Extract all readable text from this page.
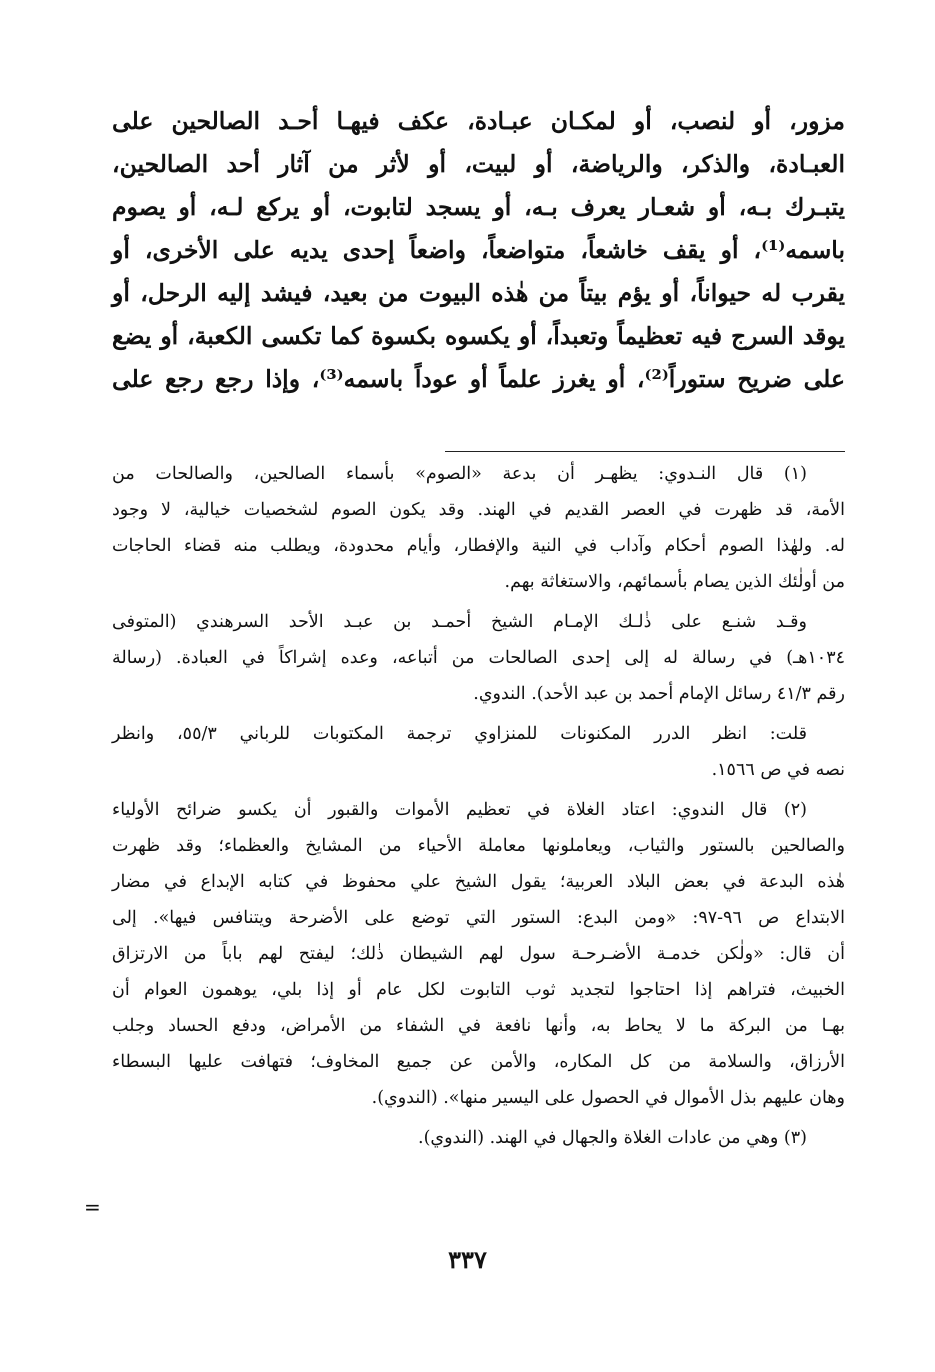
مزور، أو لنصب، أو لمكـان عبـادة، عكف فيهـا أحـد الصالحين على
العبـادة، والذكر، والرياضة، أو لبيت، أو لأثر من آثار أحد الصالحين،
يتبـرك بـه، أو شعـار يعرف بـه، أو يسجد لتابوت، أو يركع لـه، أو يصوم
باسمه⁽¹⁾، أو يقف خاشعاً، متواضعاً، واضعاً إحدى يديه على الأخرى، أو
يقرب له حيواناً، أو يؤم بيتاً من هٰذه البيوت من بعيد، فيشد إليه الرحل، أو
يوقد السرج فيه تعظيماً وتعبداً، أو يكسوه بكسوة كما تكسى الكعبة، أو يضع
على ضريح ستوراً⁽²⁾، أو يغرز علماً أو عوداً باسمه⁽³⁾، وإذا رجع رجع على
(١) قال النـدوي: يظهـر أن بدعة «الصوم» بأسماء الصالحين، والصالحات من
الأمة، قد ظهرت في العصر القديم في الهند. وقد يكون الصوم لشخصيات خيالية، لا وجود
له. ولهٰذا الصوم أحكام وآداب في النية والإفطار، وأيام محدودة، ويطلب منه قضاء الحاجات
من أولٰئك الذين يصام بأسمائهم، والاستغاثة بهم.
وقـد شنـع على ذٰلـك الإمـام الشيخ أحمـد بن عبـد الأحد السرهندي (المتوفى
١٠٣٤هـ) في رسالة له إلى إحدى الصالحات من أتباعه، وعده إشراكاً في العبادة. (رسالة
رقم ٤١/٣ رسائل الإمام أحمد بن عبد الأحد). الندوي.
قلت: انظر الدرر المكنونات للمنزاوي ترجمة المكتوبات للرباني ٥٥/٣، وانظر
نصه في ص ١٥٦٦.
(٢) قال الندوي: اعتاد الغلاة في تعظيم الأموات والقبور أن يكسو ضرائح الأولياء
والصالحين بالستور والثياب، ويعاملونها معاملة الأحياء من المشايخ والعظماء؛ وقد ظهرت
هٰذه البدعة في بعض البلاد العربية؛ يقول الشيخ علي محفوظ في كتابه الإبداع في مضار
الابتداع ص ٩٦-٩٧: «ومن البدع: الستور التي توضع على الأضرحة ويتنافس فيها». إلى
أن قال: «ولٰكن خدمـة الأضـرحـة سول لهم الشيطان ذٰلك؛ ليفتح لهم باباً من الارتزاق
الخبيث، فتراهم إذا احتاجوا لتجديد ثوب التابوت لكل عام أو إذا بلي، يوهمون العوام أن
بهـا من البركة ما لا يحاط به، وأنها نافعة في الشفاء من الأمراض، ودفع الحساد وجلب
الأرزاق، والسلامة من كل المكاره، والأمن عن جميع المخاوف؛ فتهافت عليها البسطاء
وهان عليهم بذل الأموال في الحصول على اليسير منها». (الندوي).
(٣) وهي من عادات الغلاة والجهال في الهند. (الندوي).
=
٣٣٧
